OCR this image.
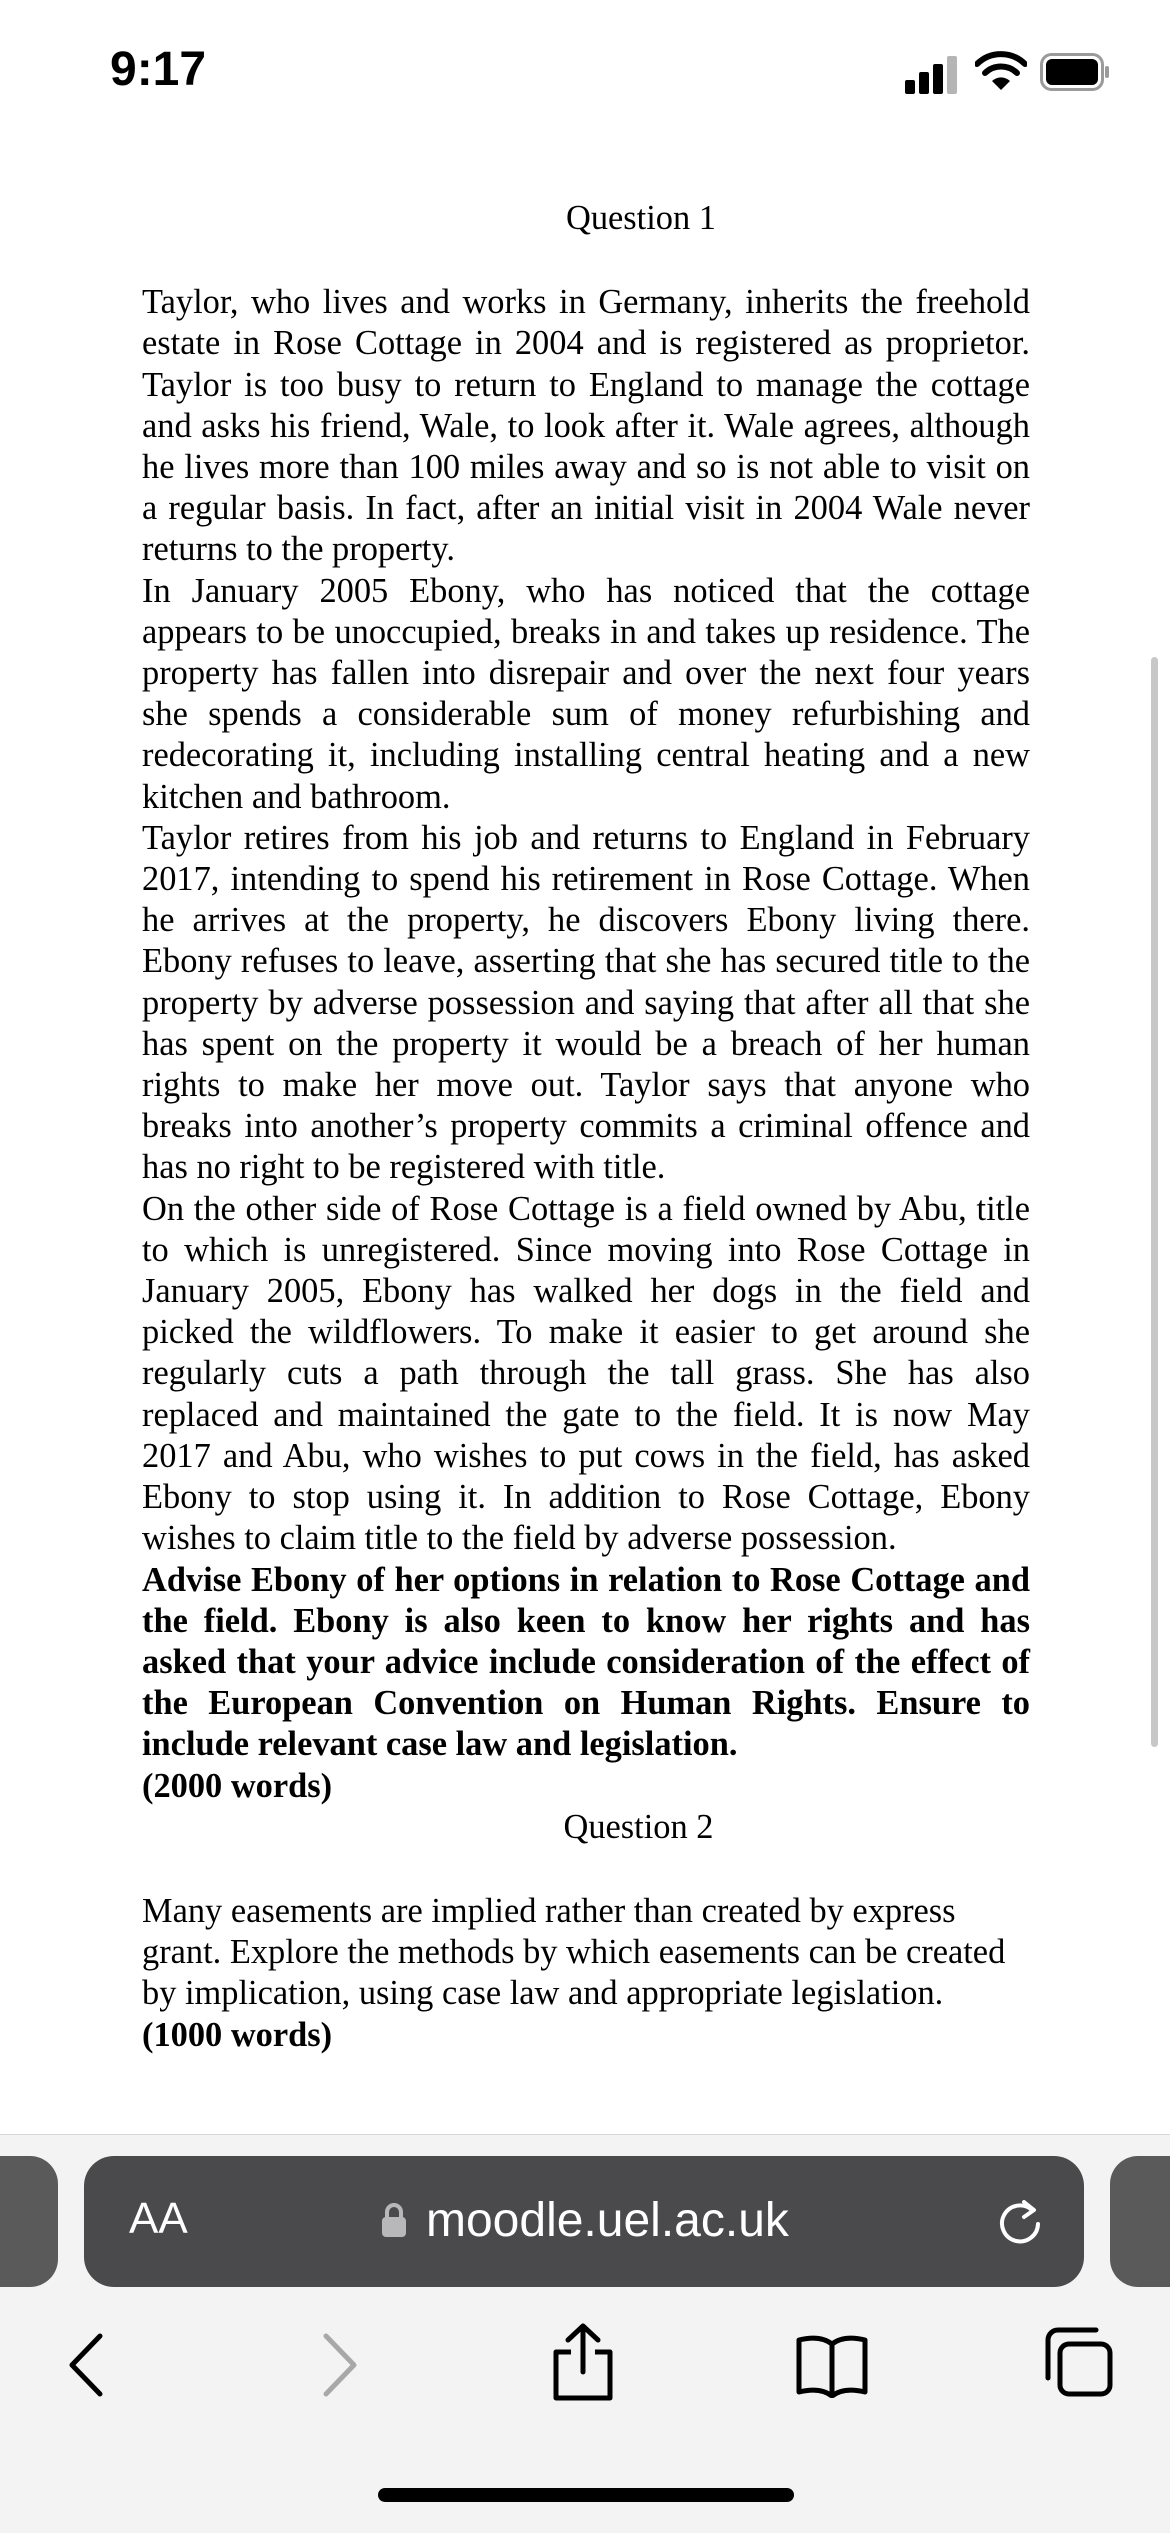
9:17

Question 1

Taylor, who lives and works in Germany, inherits the freehold estate in Rose Cottage in 2004 and is registered as proprietor. Taylor is too busy to return to England to manage the cottage and asks his friend, Wale, to look after it. Wale agrees, although he lives more than 100 miles away and so is not able to visit on a regular basis. In fact, after an initial visit in 2004 Wale never returns to the property.

In January 2005 Ebony, who has noticed that the cottage appears to be unoccupied, breaks in and takes up residence. The property has fallen into disrepair and over the next four years she spends a considerable sum of money refurbishing and redecorating it, including installing central heating and a new kitchen and bathroom.

Taylor retires from his job and returns to England in February 2017, intending to spend his retirement in Rose Cottage. When he arrives at the property, he discovers Ebony living there. Ebony refuses to leave, asserting that she has secured title to the property by adverse possession and saying that after all that she has spent on the property it would be a breach of her human rights to make her move out. Taylor says that anyone who breaks into another’s property commits a criminal offence and has no right to be registered with title.

On the other side of Rose Cottage is a field owned by Abu, title to which is unregistered. Since moving into Rose Cottage in January 2005, Ebony has walked her dogs in the field and picked the wildflowers. To make it easier to get around she regularly cuts a path through the tall grass. She has also replaced and maintained the gate to the field. It is now May 2017 and Abu, who wishes to put cows in the field, has asked Ebony to stop using it. In addition to Rose Cottage, Ebony wishes to claim title to the field by adverse possession.

Advise Ebony of her options in relation to Rose Cottage and the field. Ebony is also keen to know her rights and has asked that your advice include consideration of the effect of the European Convention on Human Rights. Ensure to include relevant case law and legislation.

(2000 words)

Question 2

Many easements are implied rather than created by express grant. Explore the methods by which easements can be created by implication, using case law and appropriate legislation.

(1000 words)

AA	moodle.uel.ac.uk
